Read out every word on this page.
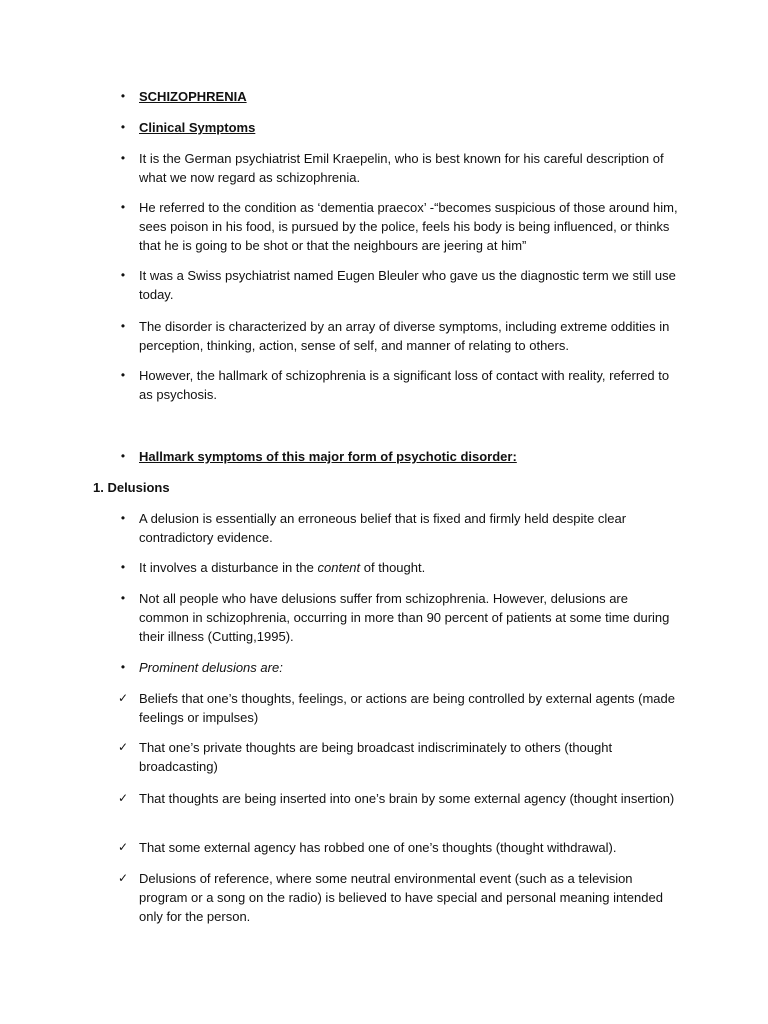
•	SCHIZOPHRENIA

•	Clinical Symptoms

•	It is the German psychiatrist Emil Kraepelin, who is best known for his careful description of what we now regard as schizophrenia.

•	He referred to the condition as ‘dementia praecox’ -“becomes suspicious of those around him, sees poison in his food, is pursued by the police, feels his body is being influenced, or thinks that he is going to be shot or that the neighbours are jeering at him”

•	It was a Swiss psychiatrist named Eugen Bleuler who gave us the diagnostic term we still use today.

•	The disorder is characterized by an array of diverse symptoms, including extreme oddities in perception, thinking, action, sense of self, and manner of relating to others.

•	However, the hallmark of schizophrenia is a significant loss of contact with reality, referred to as psychosis.

•	Hallmark symptoms of this major form of psychotic disorder:

1. Delusions

•	A delusion is essentially an erroneous belief that is fixed and firmly held despite clear contradictory evidence.

•	It involves a disturbance in the content of thought.

•	Not all people who have delusions suffer from schizophrenia. However, delusions are common in schizophrenia, occurring in more than 90 percent of patients at some time during their illness (Cutting,1995).

•	Prominent delusions are:

✓ Beliefs that one’s thoughts, feelings, or actions are being controlled by external agents (made feelings or impulses)

✓ That one’s private thoughts are being broadcast indiscriminately to others (thought broadcasting)

✓ That thoughts are being inserted into one’s brain by some external agency (thought insertion)

✓ That some external agency has robbed one of one’s thoughts (thought withdrawal).

✓ Delusions of reference, where some neutral environmental event (such as a television program or a song on the radio) is believed to have special and personal meaning intended only for the person.
